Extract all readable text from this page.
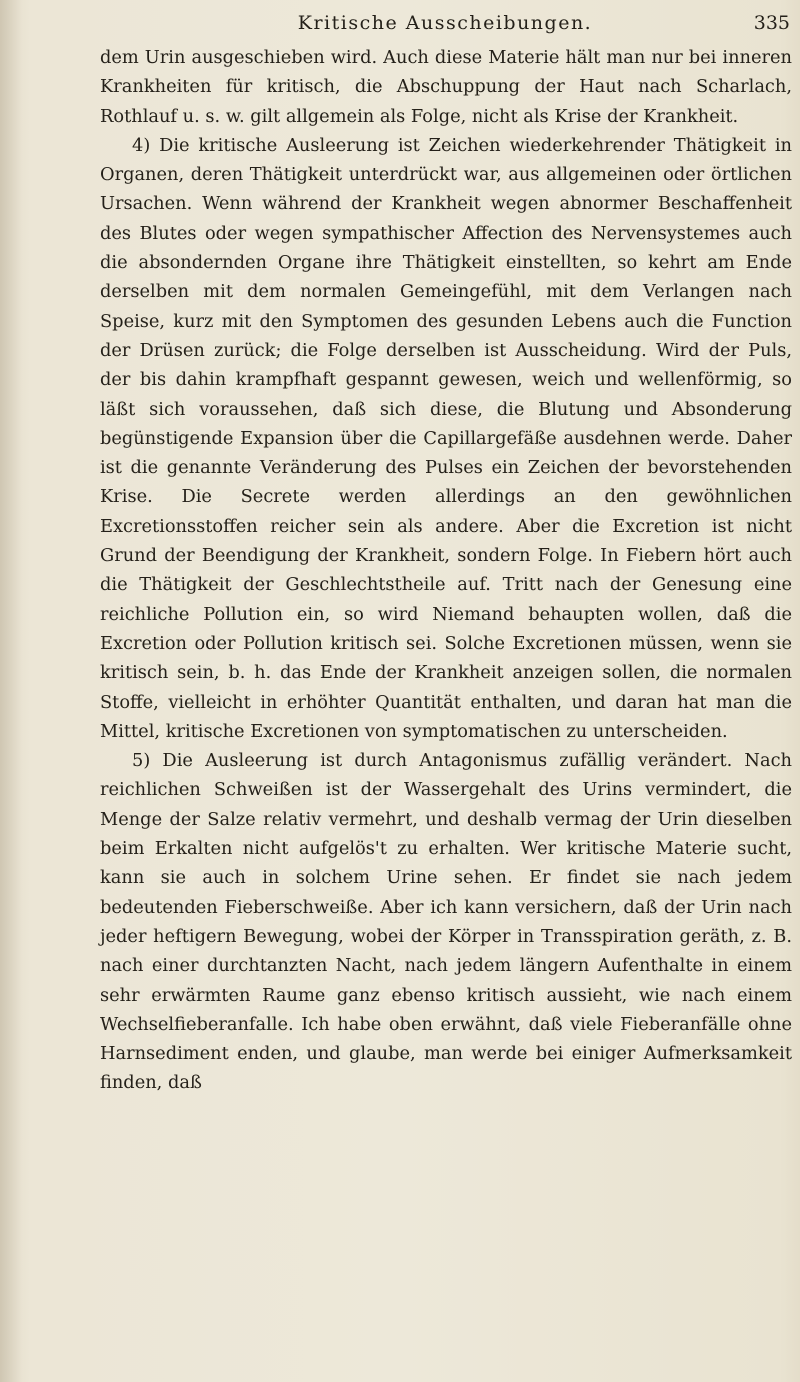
Kritische Ausscheibungen.	335

dem Urin ausgeschieben wird. Auch diese Materie hält man nur bei inneren Krankheiten für kritisch, die Abschuppung der Haut nach Scharlach, Rothlauf u. s. w. gilt allgemein als Folge, nicht als Krise der Krankheit.

4) Die kritische Ausleerung ist Zeichen wiederkehrender Thätigkeit in Organen, deren Thätigkeit unterdrückt war, aus allgemeinen oder örtlichen Ursachen. Wenn während der Krankheit wegen abnormer Beschaffenheit des Blutes oder wegen sympathischer Affection des Nervensystemes auch die absondernden Organe ihre Thätigkeit einstellten, so kehrt am Ende derselben mit dem normalen Gemeingefühl, mit dem Verlangen nach Speise, kurz mit den Symptomen des gesunden Lebens auch die Function der Drüsen zurück; die Folge derselben ist Ausscheidung. Wird der Puls, der bis dahin krampfhaft gespannt gewesen, weich und wellenförmig, so läßt sich voraussehen, daß sich diese, die Blutung und Absonderung begünstigende Expansion über die Capillargefäße ausdehnen werde. Daher ist die genannte Veränderung des Pulses ein Zeichen der bevorstehenden Krise. Die Secrete werden allerdings an den gewöhnlichen Excretionsstoffen reicher sein als andere. Aber die Excretion ist nicht Grund der Beendigung der Krankheit, sondern Folge. In Fiebern hört auch die Thätigkeit der Geschlechtstheile auf. Tritt nach der Genesung eine reichliche Pollution ein, so wird Niemand behaupten wollen, daß die Excretion oder Pollution kritisch sei. Solche Excretionen müssen, wenn sie kritisch sein, b. h. das Ende der Krankheit anzeigen sollen, die normalen Stoffe, vielleicht in erhöhter Quantität enthalten, und daran hat man die Mittel, kritische Excretionen von symptomatischen zu unterscheiden.

5) Die Ausleerung ist durch Antagonismus zufällig verändert. Nach reichlichen Schweißen ist der Wassergehalt des Urins vermindert, die Menge der Salze relativ vermehrt, und deshalb vermag der Urin dieselben beim Erkalten nicht aufgelös't zu erhalten. Wer kritische Materie sucht, kann sie auch in solchem Urine sehen. Er findet sie nach jedem bedeutenden Fieberschweiße. Aber ich kann versichern, daß der Urin nach jeder heftigern Bewegung, wobei der Körper in Transspiration geräth, z. B. nach einer durchtanzten Nacht, nach jedem längern Aufenthalte in einem sehr erwärmten Raume ganz ebenso kritisch aussieht, wie nach einem Wechselfieberanfalle. Ich habe oben erwähnt, daß viele Fieberanfälle ohne Harnsediment enden, und glaube, man werde bei einiger Aufmerksamkeit finden, daß
